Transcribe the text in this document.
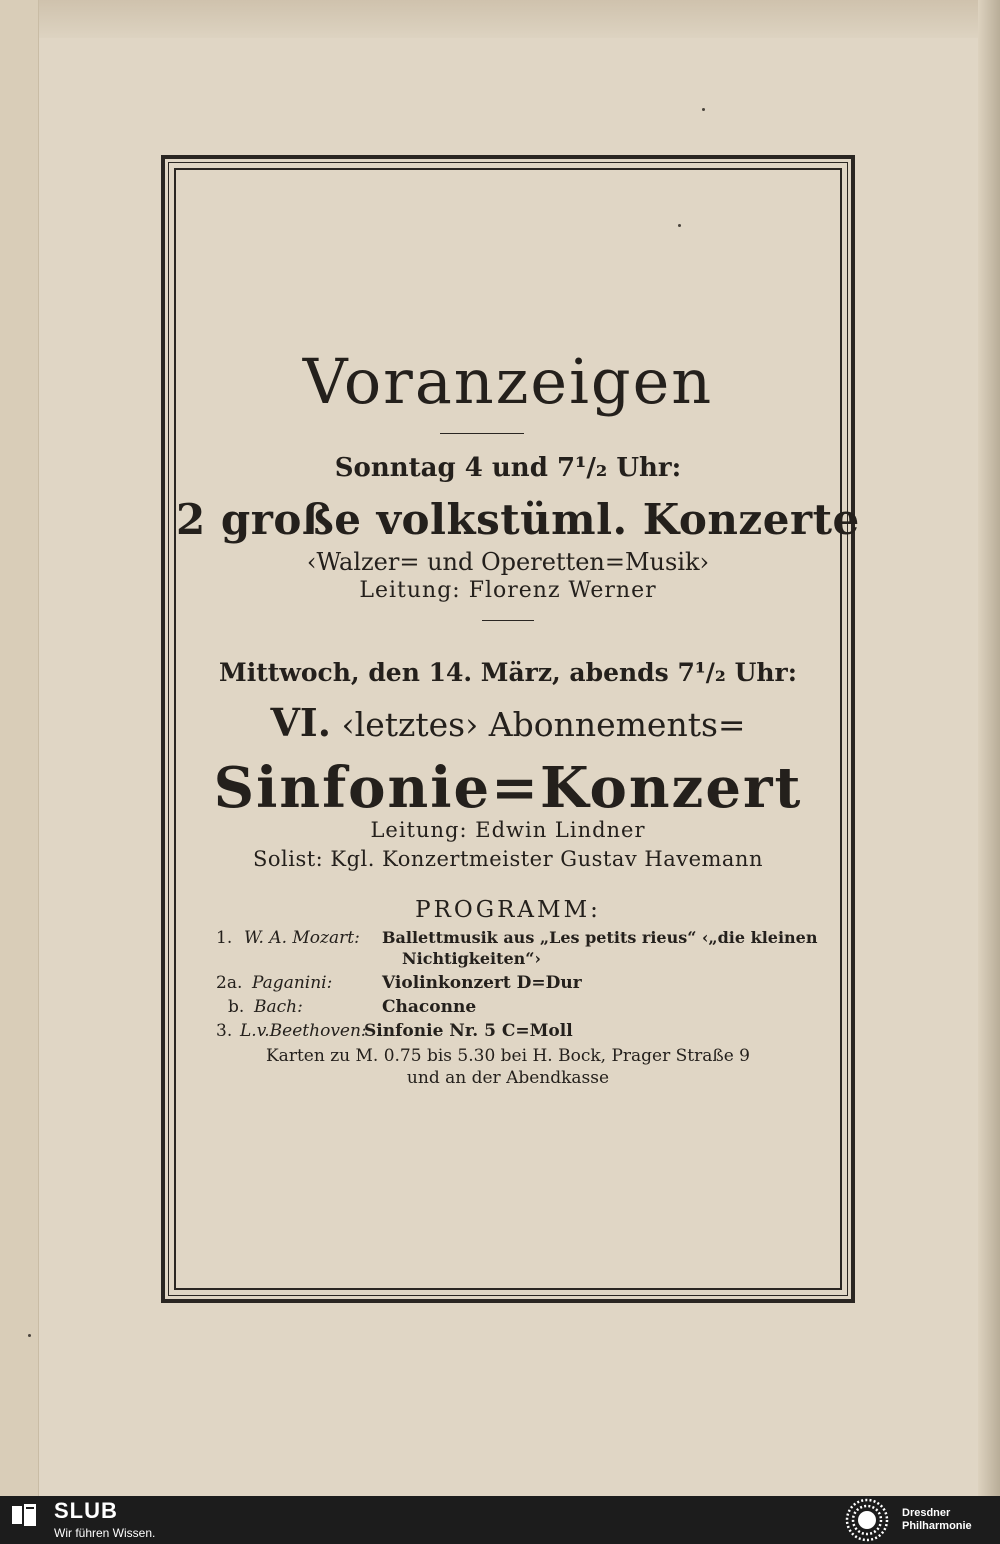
Voranzeigen
Sonntag 4 und 7¹/₂ Uhr:
2 große volkstüml. Konzerte
‹Walzer= und Operetten=Musik›
Leitung: Florenz Werner
Mittwoch, den 14. März, abends 7¹/₂ Uhr:
VI. ‹letztes› Abonnements=
Sinfonie=Konzert
Leitung: Edwin Lindner
Solist: Kgl. Konzertmeister Gustav Havemann
PROGRAMM:
1. W. A. Mozart: Ballettmusik aus „Les petits rieus“ ‹„die kleinen
Nichtigkeiten“›
2a. Paganini:	Violinkonzert D=Dur
b. Bach:	Chaconne
3. L.v.Beethoven:
Sinfonie Nr. 5 C=Moll
Karten zu M. 0.75 bis 5.30 bei H. Bock, Prager Straße 9
und an der Abendkasse
SLUB
Wir führen Wissen.
Dresdner
Philharmonie
